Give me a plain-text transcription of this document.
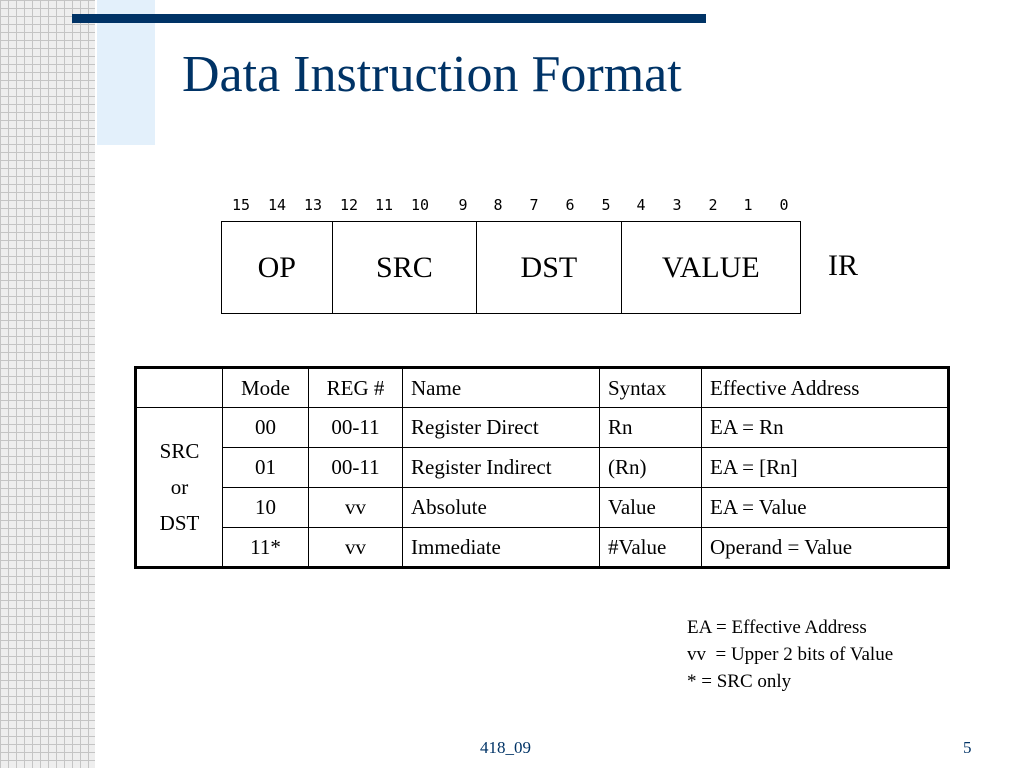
Data Instruction Format
15 14 13 12 11 10	9	8	7	6	5	4	3	2	1	0
OP	SRC	DST	VALUE	IR
	Mode	REG #	Name	Syntax	Effective Address

SRC
or
DST	00	00-11	Register Direct	Rn	EA = Rn
	01	00-11	Register Indirect	(Rn)	EA = [Rn]
	10	vv	Absolute	Value	EA = Value
	11*	vv	Immediate	#Value	Operand = Value
EA = Effective Address
vv  = Upper 2 bits of Value
* = SRC only
418_09	5
